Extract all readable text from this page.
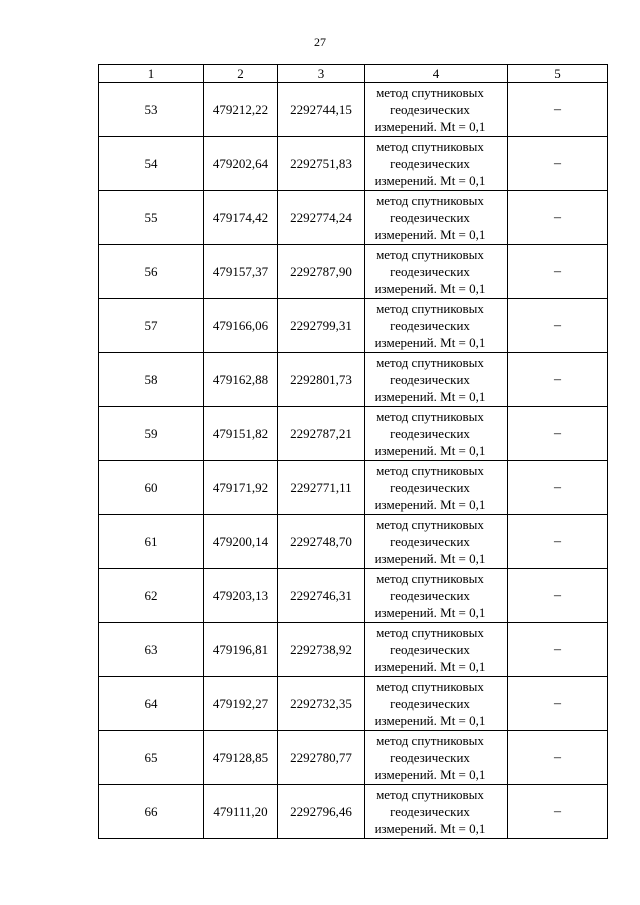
27
1	2	3	4	5
53	479212,22	2292744,15	метод спутниковых геодезических измерений. Mt = 0,1	–
54	479202,64	2292751,83	метод спутниковых геодезических измерений. Mt = 0,1	–
55	479174,42	2292774,24	метод спутниковых геодезических измерений. Mt = 0,1	–
56	479157,37	2292787,90	метод спутниковых геодезических измерений. Mt = 0,1	–
57	479166,06	2292799,31	метод спутниковых геодезических измерений. Mt = 0,1	–
58	479162,88	2292801,73	метод спутниковых геодезических измерений. Mt = 0,1	–
59	479151,82	2292787,21	метод спутниковых геодезических измерений. Mt = 0,1	–
60	479171,92	2292771,11	метод спутниковых геодезических измерений. Mt = 0,1	–
61	479200,14	2292748,70	метод спутниковых геодезических измерений. Mt = 0,1	–
62	479203,13	2292746,31	метод спутниковых геодезических измерений. Mt = 0,1	–
63	479196,81	2292738,92	метод спутниковых геодезических измерений. Mt = 0,1	–
64	479192,27	2292732,35	метод спутниковых геодезических измерений. Mt = 0,1	–
65	479128,85	2292780,77	метод спутниковых геодезических измерений. Mt = 0,1	–
66	479111,20	2292796,46	метод спутниковых геодезических измерений. Mt = 0,1	–
